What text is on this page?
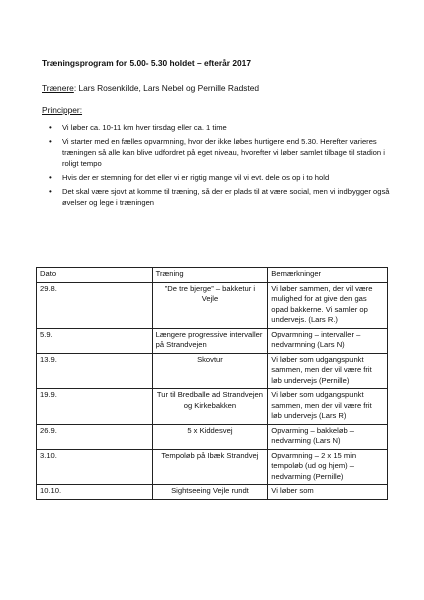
Træningsprogram for 5.00- 5.30 holdet – efterår 2017
Trænere: Lars Rosenkilde, Lars Nebel og Pernille Radsted
Principper:
• Vi løber ca. 10-11 km hver tirsdag eller ca. 1 time
• Vi starter med en fælles opvarmning, hvor der ikke løbes hurtigere end 5.30. Herefter varieres træningen så alle kan blive udfordret på eget niveau, hvorefter vi løber samlet tilbage til stadion i roligt tempo
• Hvis der er stemning for det eller vi er rigtig mange vil vi evt. dele os op i to hold
• Det skal være sjovt at komme til træning, så der er plads til at være social, men vi indbygger også øvelser og lege i træningen
Dato	Træning	Bemærkninger
29.8.	”De tre bjerge” – bakketur i Vejle	Vi løber sammen, der vil være mulighed for at give den gas opad bakkerne. Vi samler op undervejs. (Lars R.)
5.9.	Længere progressive intervaller på Strandvejen	Opvarmning – intervaller – nedvarmning (Lars N)
13.9.	Skovtur	Vi løber som udgangspunkt sammen, men der vil være frit løb undervejs (Pernille)
19.9.	Tur til Bredballe ad Strandvejen og Kirkebakken	Vi løber som udgangspunkt sammen, men der vil være frit løb undervejs (Lars R)
26.9.	5 x Kiddesvej	Opvarming – bakkeløb – nedvarming (Lars N)
3.10.	Tempoløb på Ibæk Strandvej	Opvarmning – 2 x 15 min tempoløb (ud og hjem) – nedvarming (Pernille)
10.10.	Sightseeing Vejle rundt	Vi løber som
